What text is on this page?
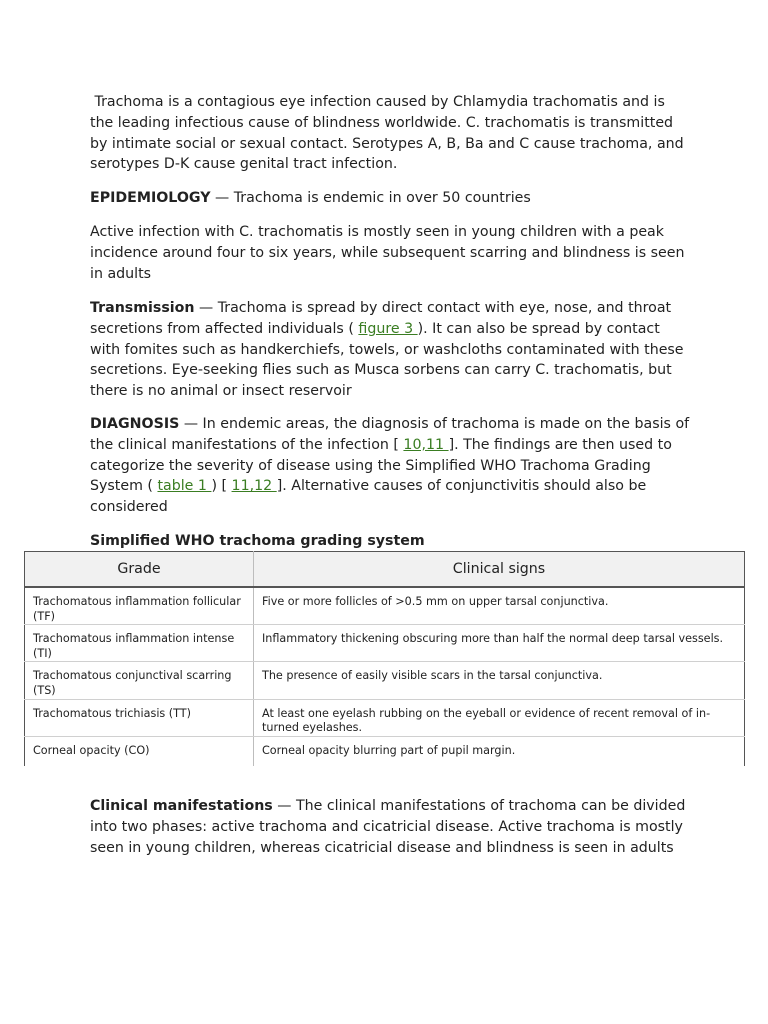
Trachoma is a contagious eye infection caused by Chlamydia trachomatis and is the leading infectious cause of blindness worldwide. C. trachomatis is transmitted by intimate social or sexual contact. Serotypes A, B, Ba and C cause trachoma, and serotypes D-K cause genital tract infection.

EPIDEMIOLOGY — Trachoma is endemic in over 50 countries

Active infection with C. trachomatis is mostly seen in young children with a peak incidence around four to six years, while subsequent scarring and blindness is seen in adults

Transmission — Trachoma is spread by direct contact with eye, nose, and throat secretions from affected individuals ( figure 3 ). It can also be spread by contact with fomites such as handkerchiefs, towels, or washcloths contaminated with these secretions. Eye-seeking flies such as Musca sorbens can carry C. trachomatis, but there is no animal or insect reservoir

DIAGNOSIS — In endemic areas, the diagnosis of trachoma is made on the basis of the clinical manifestations of the infection [ 10,11 ]. The findings are then used to categorize the severity of disease using the Simplified WHO Trachoma Grading System ( table 1 ) [ 11,12 ]. Alternative causes of conjunctivitis should also be considered

Simplified WHO trachoma grading system
Grade	Clinical signs
Trachomatous inflammation follicular (TF)	Five or more follicles of >0.5 mm on upper tarsal conjunctiva.
Trachomatous inflammation intense (TI)	Inflammatory thickening obscuring more than half the normal deep tarsal vessels.
Trachomatous conjunctival scarring (TS)	The presence of easily visible scars in the tarsal conjunctiva.
Trachomatous trichiasis (TT)	At least one eyelash rubbing on the eyeball or evidence of recent removal of in-turned eyelashes.
Corneal opacity (CO)	Corneal opacity blurring part of pupil margin.

Clinical manifestations — The clinical manifestations of trachoma can be divided into two phases: active trachoma and cicatricial disease. Active trachoma is mostly seen in young children, whereas cicatricial disease and blindness is seen in adults
